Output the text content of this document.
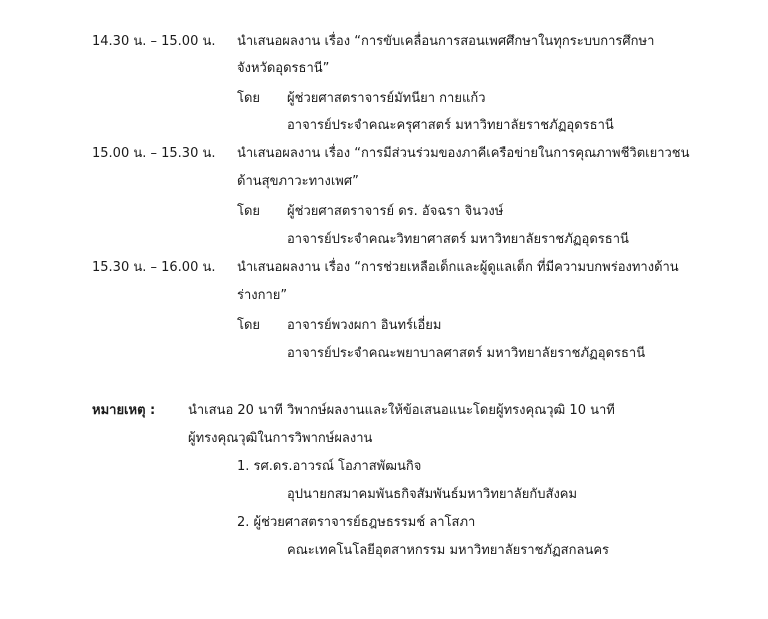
14.30 น. – 15.00 น. นำเสนอผลงาน เรื่อง “การขับเคลื่อนการสอนเพศศึกษาในทุกระบบการศึกษา
จังหวัดอุดรธานี”
โดย ผู้ช่วยศาสตราจารย์มัทนียา กายแก้ว
อาจารย์ประจำคณะครุศาสตร์ มหาวิทยาลัยราชภัฏอุดรธานี
15.00 น. – 15.30 น. นำเสนอผลงาน เรื่อง “การมีส่วนร่วมของภาคีเครือข่ายในการคุณภาพชีวิตเยาวชน
ด้านสุขภาวะทางเพศ”
โดย ผู้ช่วยศาสตราจารย์ ดร. อัจฉรา จินวงษ์
อาจารย์ประจำคณะวิทยาศาสตร์ มหาวิทยาลัยราชภัฏอุดรธานี
15.30 น. – 16.00 น. นำเสนอผลงาน เรื่อง “การช่วยเหลือเด็กและผู้ดูแลเด็ก ที่มีความบกพร่องทางด้าน
ร่างกาย”
โดย อาจารย์พวงผกา อินทร์เอี่ยม
อาจารย์ประจำคณะพยาบาลศาสตร์ มหาวิทยาลัยราชภัฏอุดรธานี
หมายเหตุ :	นำเสนอ 20 นาที วิพากษ์ผลงานและให้ข้อเสนอแนะโดยผู้ทรงคุณวุฒิ 10 นาที
ผู้ทรงคุณวุฒิในการวิพากษ์ผลงาน
1. รศ.ดร.อาวรณ์ โอภาสพัฒนกิจ
อุปนายกสมาคมพันธกิจสัมพันธ์มหาวิทยาลัยกับสังคม
2. ผู้ช่วยศาสตราจารย์ธฎษธรรมช์ ลาโสภา
คณะเทคโนโลยีอุตสาหกรรม มหาวิทยาลัยราชภัฏสกลนคร
